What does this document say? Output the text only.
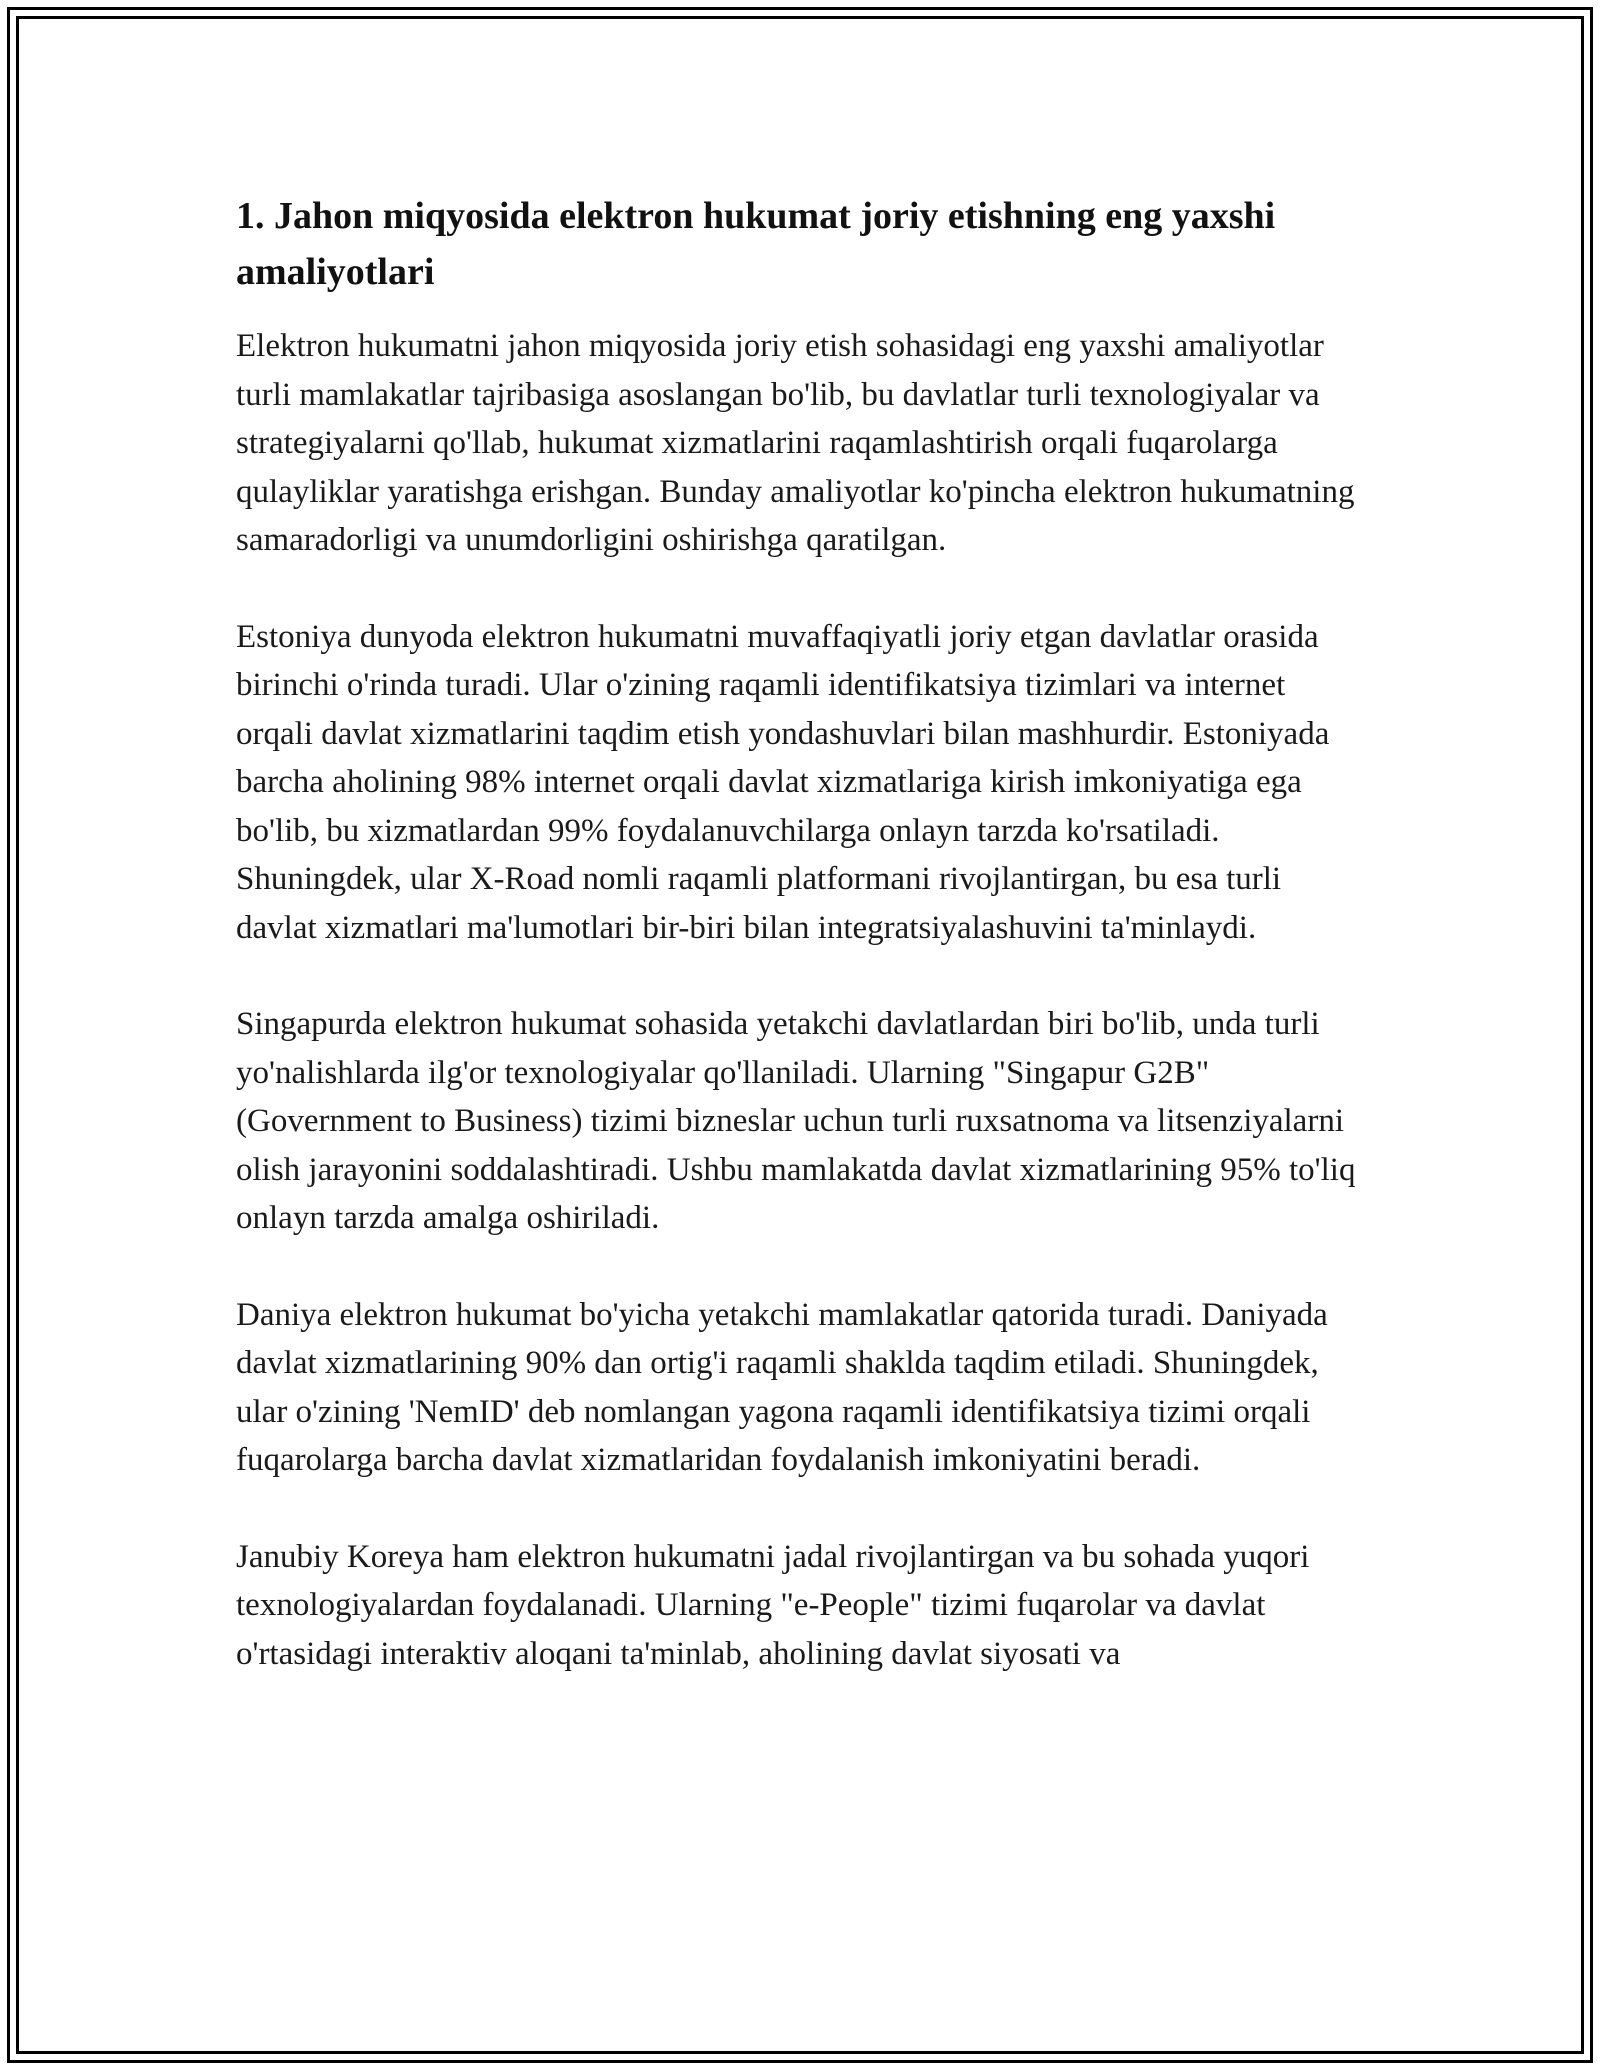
1. Jahon miqyosida elektron hukumat joriy etishning eng yaxshi amaliyotlari

Elektron hukumatni jahon miqyosida joriy etish sohasidagi eng yaxshi amaliyotlar turli mamlakatlar tajribasiga asoslangan bo'lib, bu davlatlar turli texnologiyalar va strategiyalarni qo'llab, hukumat xizmatlarini raqamlashtirish orqali fuqarolarga qulayliklar yaratishga erishgan. Bunday amaliyotlar ko'pincha elektron hukumatning samaradorligi va unumdorligini oshirishga qaratilgan.

Estoniya dunyoda elektron hukumatni muvaffaqiyatli joriy etgan davlatlar orasida birinchi o'rinda turadi. Ular o'zining raqamli identifikatsiya tizimlari va internet orqali davlat xizmatlarini taqdim etish yondashuvlari bilan mashhurdir. Estoniyada barcha aholining 98% internet orqali davlat xizmatlariga kirish imkoniyatiga ega bo'lib, bu xizmatlardan 99% foydalanuvchilarga onlayn tarzda ko'rsatiladi. Shuningdek, ular X-Road nomli raqamli platformani rivojlantirgan, bu esa turli davlat xizmatlari ma'lumotlari bir-biri bilan integratsiyalashuvini ta'minlaydi.

Singapurda elektron hukumat sohasida yetakchi davlatlardan biri bo'lib, unda turli yo'nalishlarda ilg'or texnologiyalar qo'llaniladi. Ularning "Singapur G2B" (Government to Business) tizimi bizneslar uchun turli ruxsatnoma va litsenziyalarni olish jarayonini soddalashtiradi. Ushbu mamlakatda davlat xizmatlarining 95% to'liq onlayn tarzda amalga oshiriladi.

Daniya elektron hukumat bo'yicha yetakchi mamlakatlar qatorida turadi. Daniyada davlat xizmatlarining 90% dan ortig'i raqamli shaklda taqdim etiladi. Shuningdek, ular o'zining 'NemID' deb nomlangan yagona raqamli identifikatsiya tizimi orqali fuqarolarga barcha davlat xizmatlaridan foydalanish imkoniyatini beradi.

Janubiy Koreya ham elektron hukumatni jadal rivojlantirgan va bu sohada yuqori texnologiyalardan foydalanadi. Ularning "e-People" tizimi fuqarolar va davlat o'rtasidagi interaktiv aloqani ta'minlab, aholining davlat siyosati va
